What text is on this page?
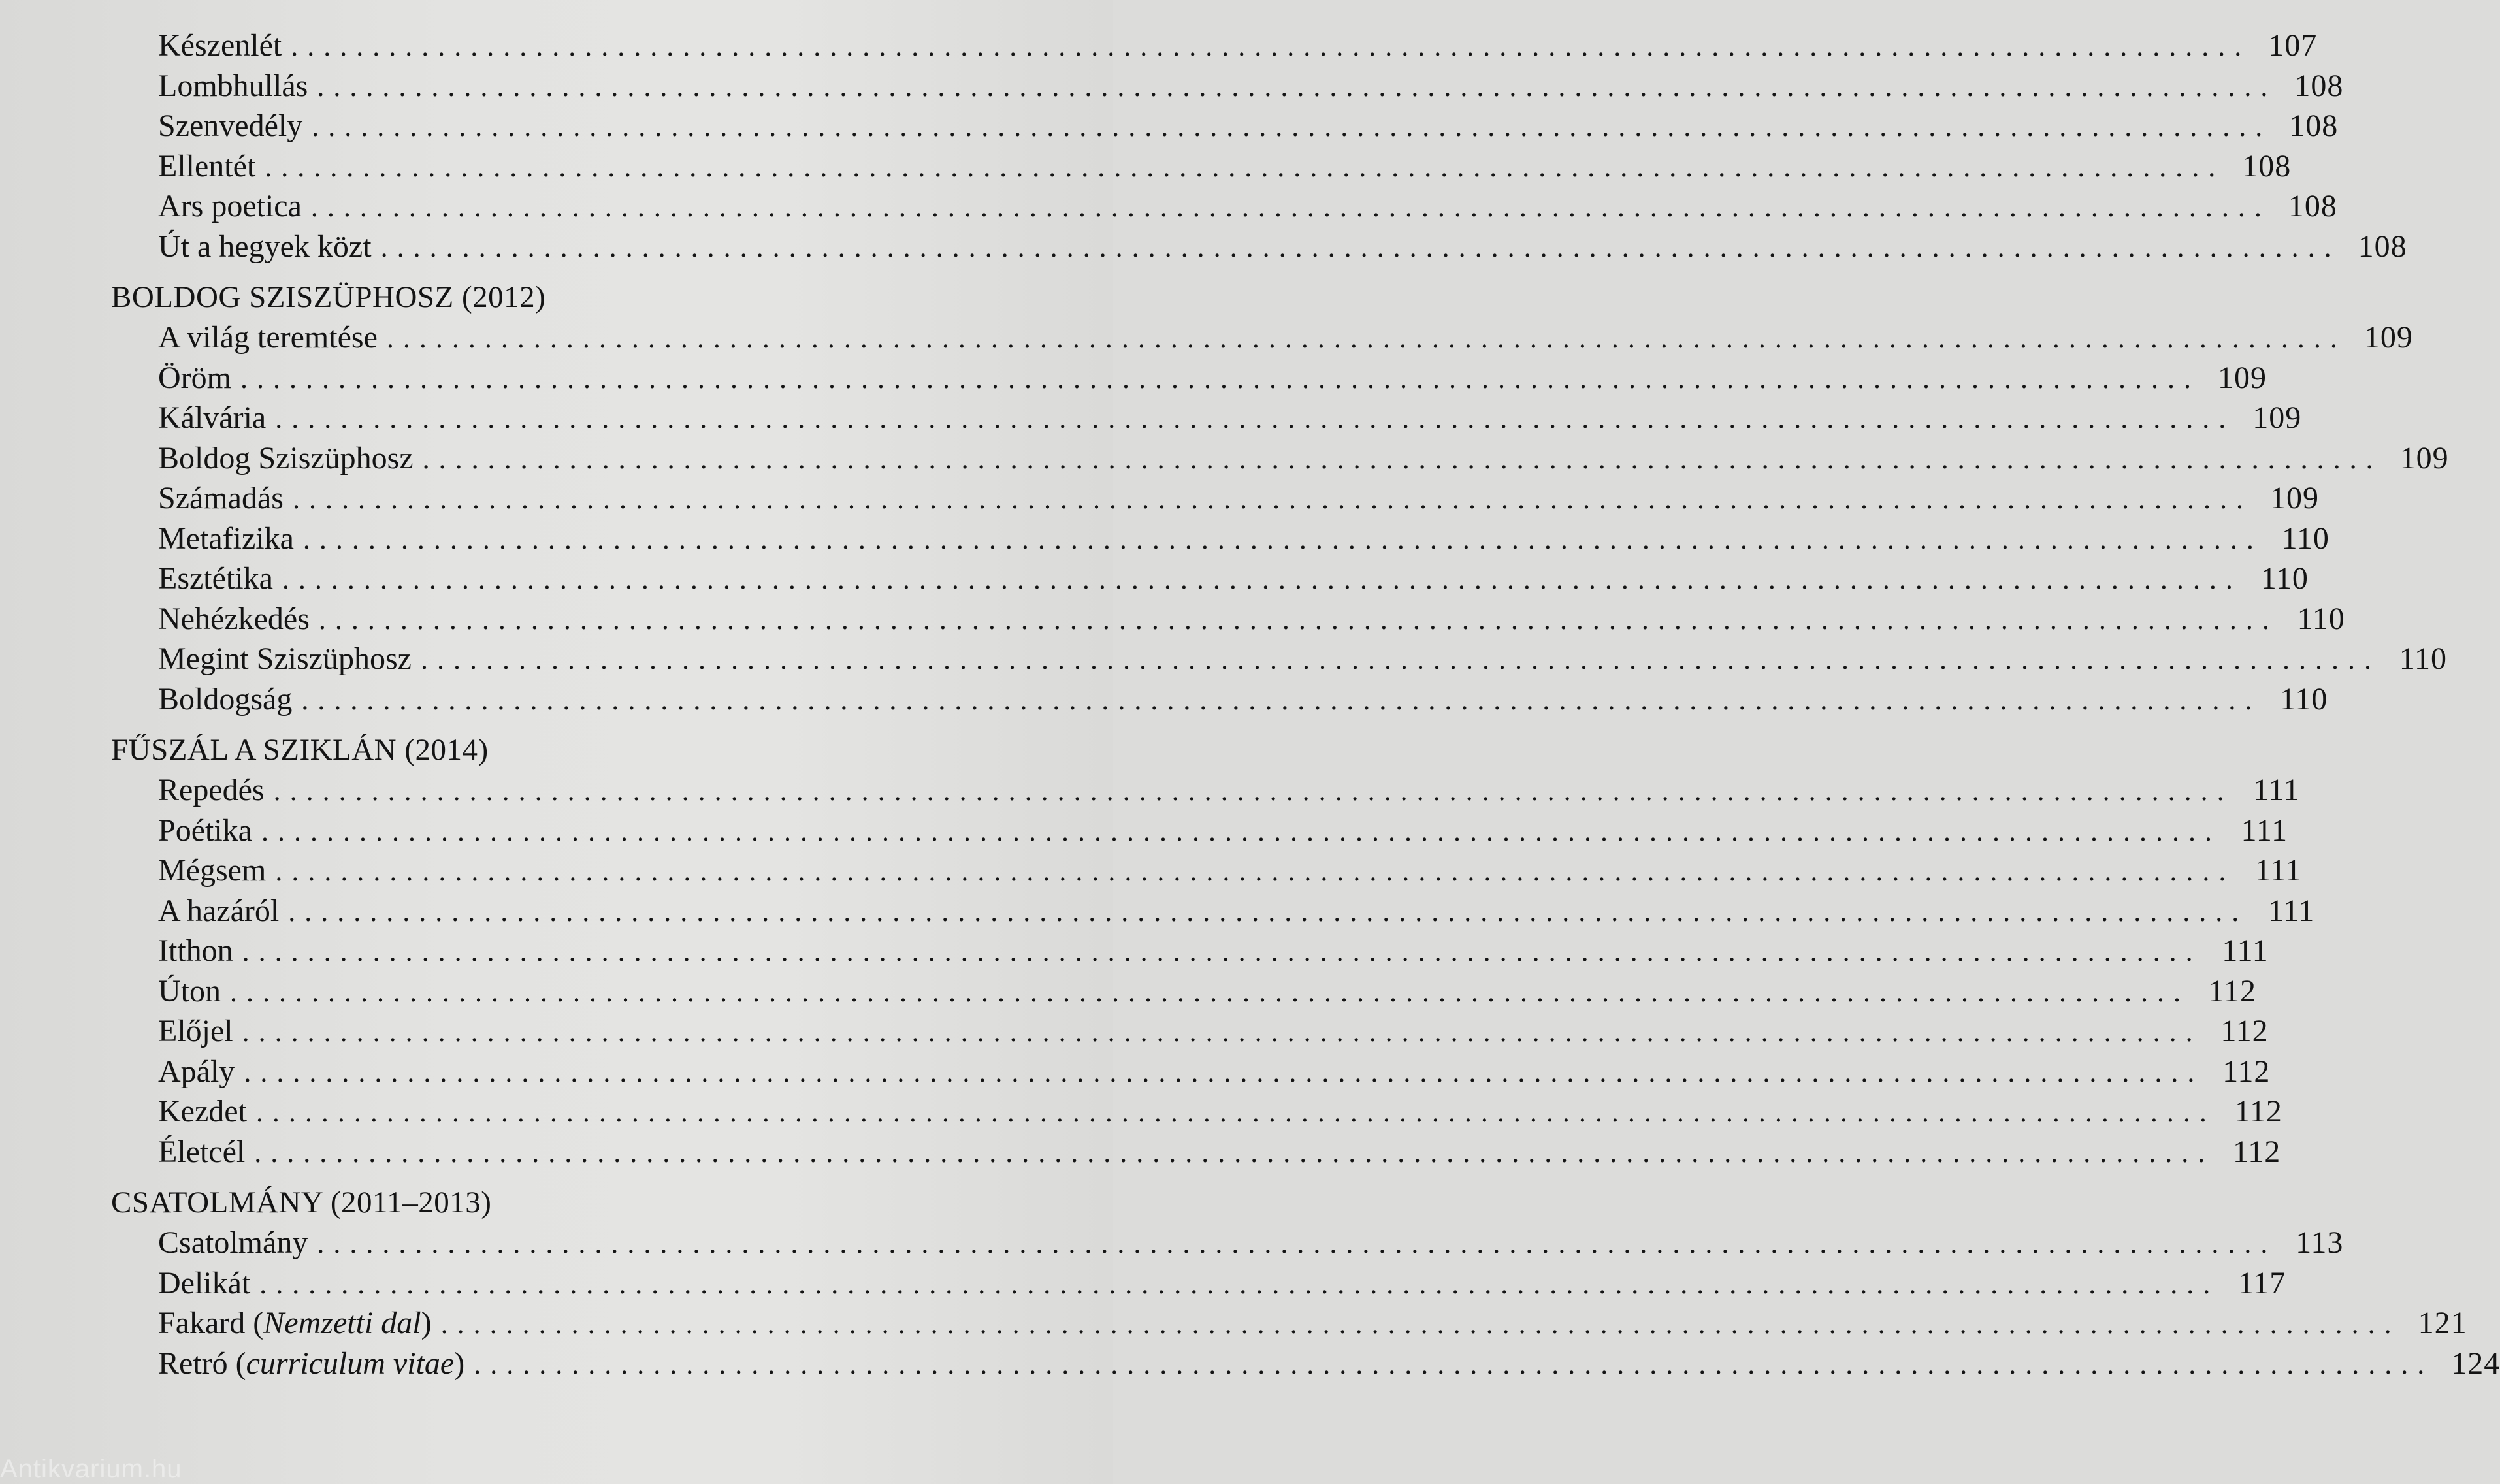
Készenlét ........................................................................................................................ 107
Lombhullás ........................................................................................................................ 108
Szenvedély ........................................................................................................................ 108
Ellentét ........................................................................................................................ 108
Ars poetica ........................................................................................................................ 108
Út a hegyek közt ........................................................................................................................ 108
BOLDOG SZISZÜPHOSZ (2012)
A világ teremtése ........................................................................................................................ 109
Öröm ........................................................................................................................ 109
Kálvária ........................................................................................................................ 109
Boldog Sziszüphosz ........................................................................................................................ 109
Számadás ........................................................................................................................ 109
Metafizika ........................................................................................................................ 110
Esztétika ........................................................................................................................ 110
Nehézkedés ........................................................................................................................ 110
Megint Sziszüphosz ........................................................................................................................ 110
Boldogság ........................................................................................................................ 110
FŰSZÁL A SZIKLÁN (2014)
Repedés ........................................................................................................................ 111
Poétika ........................................................................................................................ 111
Mégsem ........................................................................................................................ 111
A hazáról ........................................................................................................................ 111
Itthon ........................................................................................................................ 111
Úton ........................................................................................................................ 112
Előjel ........................................................................................................................ 112
Apály ........................................................................................................................ 112
Kezdet ........................................................................................................................ 112
Életcél ........................................................................................................................ 112
CSATOLMÁNY (2011–2013)
Csatolmány ........................................................................................................................ 113
Delikát ........................................................................................................................ 117
Fakard (Nemzetti dal) ........................................................................................................................ 121
Retró (curriculum vitae) ........................................................................................................................ 124
Antikvarium.hu
